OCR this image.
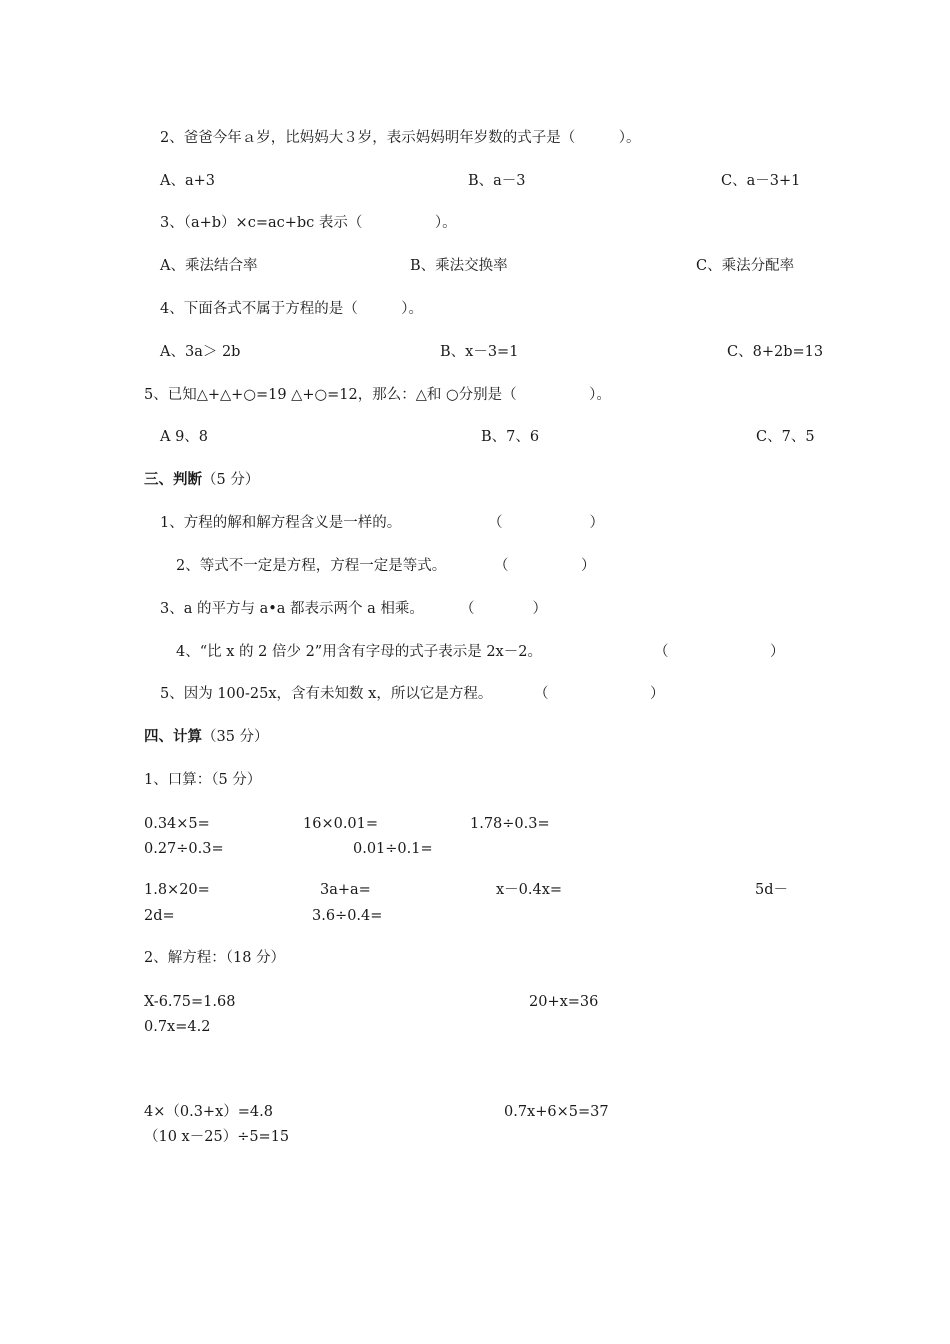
2、爸爸今年ａ岁，比妈妈大３岁，表示妈妈明年岁数的式子是（　　　）。
A、a+3	B、a－3	C、a－3+1
3、（a+b）×c=ac+bc 表示（　　　　　）。
A、乘法结合率	B、乘法交换率	C、乘法分配率
4、下面各式不属于方程的是（　　　）。
A、3a＞ 2b	B、x－3=1	C、8+2b=13
5、已知△+△+○=19 △+○=12，那么：△和 ○分别是（　　　　　）。
A 9、8	B、7、6	C、7、5
三、判断（5 分）
1、方程的解和解方程含义是一样的。	（　　　　　　）
2、等式不一定是方程，方程一定是等式。	（　　　　　）
3、a 的平方与 a•a 都表示两个 a 相乘。 （　　　　）
4、“比 x 的 2 倍少 2”用含有字母的式子表示是 2x－2。	（　　　　　　　）
5、因为 100-25x，含有未知数 x，所以它是方程。	（　　　　　　　）
四、计算（35 分）
1、口算：（5 分）
0.34×5=	16×0.01=	1.78÷0.3=
0.27÷0.3=	0.01÷0.1=
1.8×20=	3a+a=	x－0.4x=	5d－
2d=	3.6÷0.4=
2、解方程：（18 分）
X-6.75=1.68	20+x=36
0.7x=4.2
4×（0.3+x）=4.8	0.7x+6×5=37
（10 x－25）÷5=15
